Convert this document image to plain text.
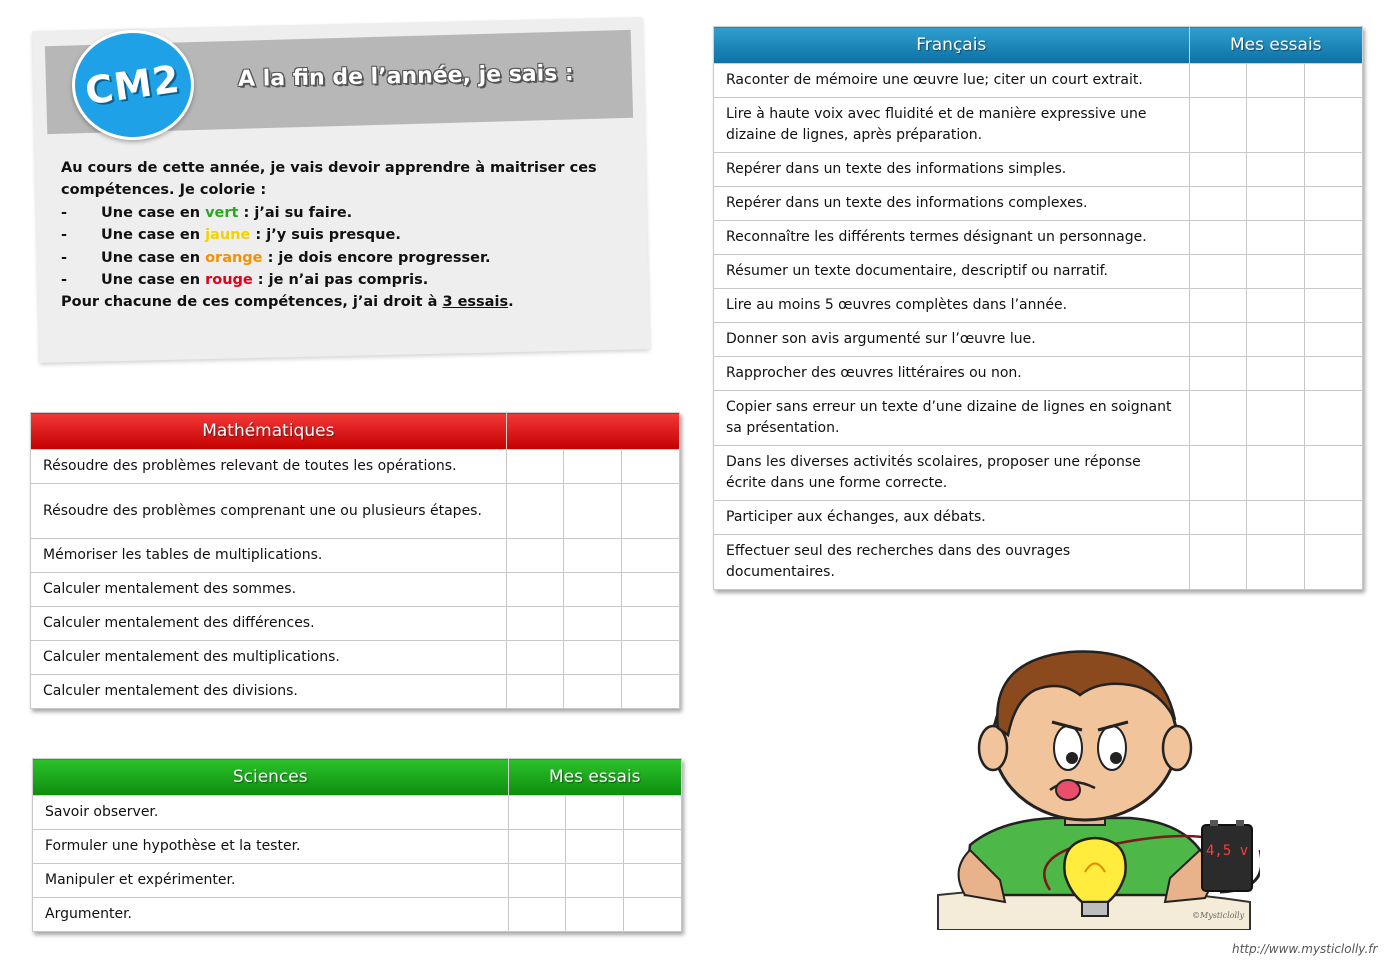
CM2 A la fin de l’année, je sais :
Au cours de cette année, je vais devoir apprendre à maitriser ces
compétences. Je colorie :
- Une case en vert : j’ai su faire.
- Une case en jaune : j’y suis presque.
- Une case en orange : je dois encore progresser.
- Une case en rouge : je n’ai pas compris.
Pour chacune de ces compétences, j’ai droit à 3 essais.
Mathématiques			
Résoudre des problèmes relevant de toutes les opérations.			
Résoudre des problèmes comprenant une ou plusieurs étapes.			
Mémoriser les tables de multiplications.			
Calculer mentalement des sommes.			
Calculer mentalement des différences.			
Calculer mentalement des multiplications.			
Calculer mentalement des divisions.			
Sciences	Mes essais		
Savoir observer.			
Formuler une hypothèse et la tester.			
Manipuler et expérimenter.			
Argumenter.			
Français	Mes essais		
Raconter de mémoire une œuvre lue; citer un court extrait.			
Lire à haute voix avec fluidité et de manière expressive une dizaine de lignes, après préparation.			
Repérer dans un texte des informations simples.			
Repérer dans un texte des informations complexes.			
Reconnaître les différents termes désignant un personnage.			
Résumer un texte documentaire, descriptif ou narratif.			
Lire au moins 5 œuvres complètes dans l’année.			
Donner son avis argumenté sur l’œuvre lue.			
Rapprocher des œuvres littéraires ou non.			
Copier sans erreur un texte d’une dizaine de lignes en soignant sa présentation.			
Dans les diverses activités scolaires, proposer une réponse écrite dans une forme correcte.			
Participer aux échanges, aux débats.			
Effectuer seul des recherches dans des ouvrages documentaires.			
4,5 v
©Mysticlolly
http://www.mysticlolly.fr
